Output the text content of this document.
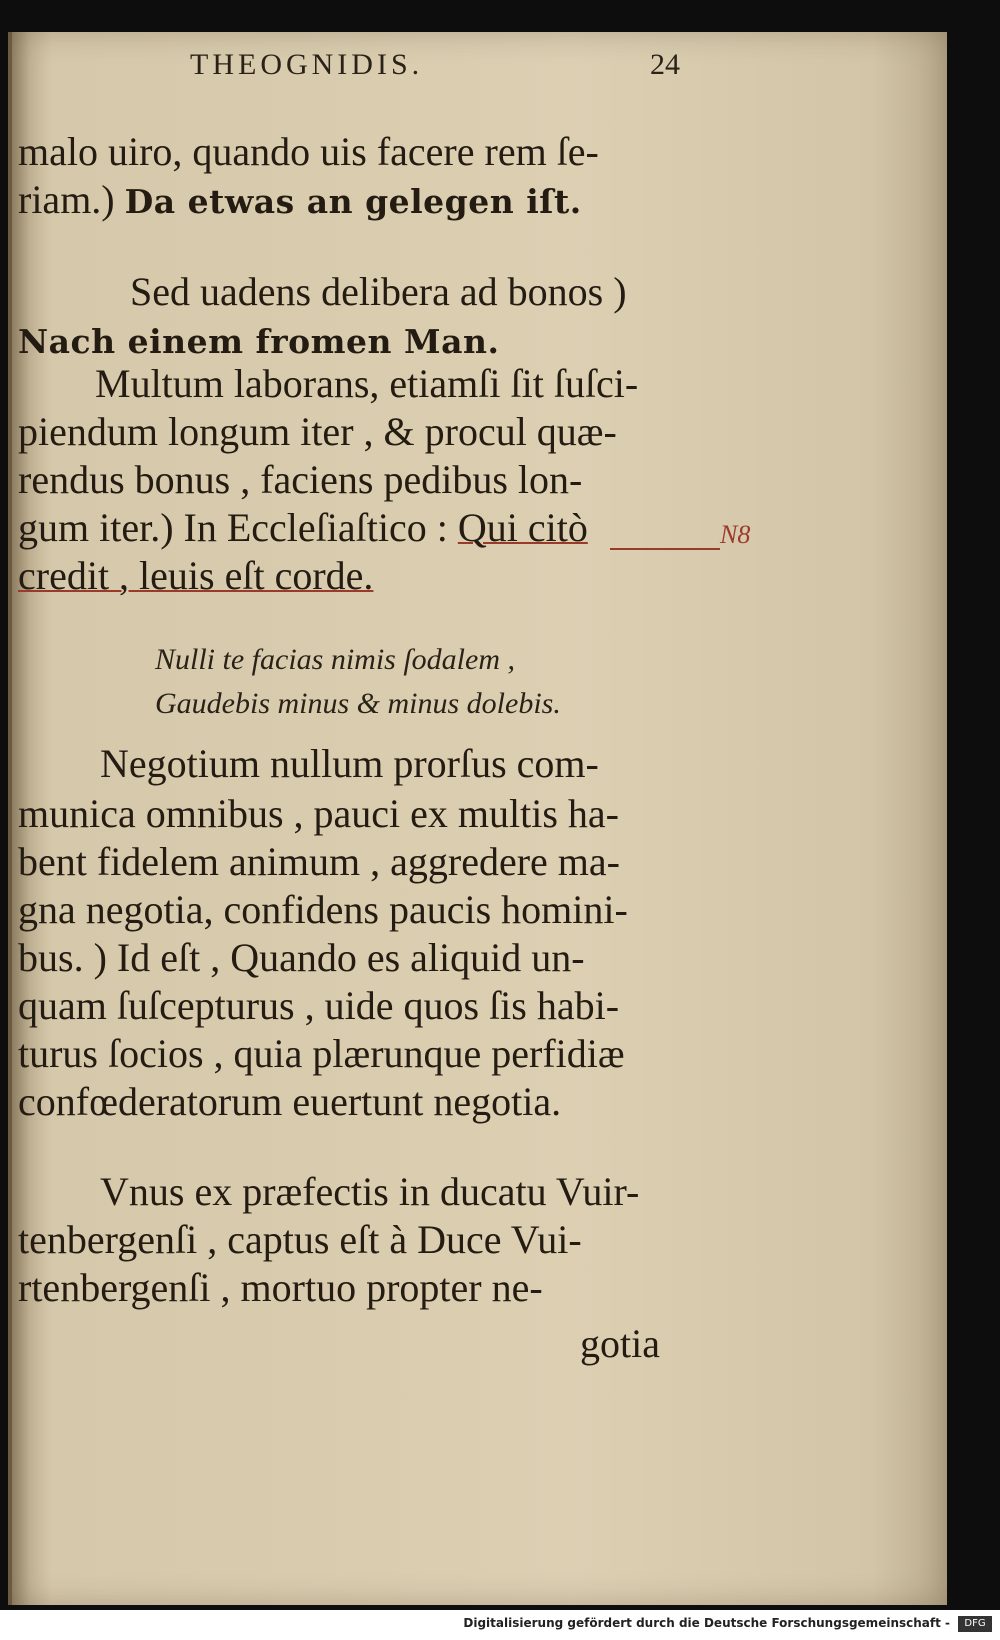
THEOGNIDIS.	24
malo uiro, quando uis facere rem ſe-
riam.) Da etwas an gelegen iſt.
Sed uadens delibera ad bonos )
Nach einem fromen Man.
Multum laborans, etiamſi ſit ſuſci-
piendum longum iter , & procul quæ-
rendus bonus , faciens pedibus lon-
gum iter.) In Eccleſiaſtico : Qui citò	N8
credit , leuis eſt corde.
Nulli te facias nimis ſodalem ,
Gaudebis minus & minus dolebis.
Negotium nullum prorſus com-
munica omnibus , pauci ex multis ha-
bent fidelem animum , aggredere ma-
gna negotia, confidens paucis homini-
bus. ) Id eſt , Quando es aliquid un-
quam ſuſcepturus , uide quos ſis habi-
turus ſocios , quia plærunque perfidiæ
confœderatorum euertunt negotia.
Vnus ex præfectis in ducatu Vuir-
tenbergenſi , captus eſt à Duce Vui-
rtenbergenſi , mortuo propter ne-
gotia
Digitalisierung gefördert durch die Deutsche Forschungsgemeinschaft -	DFG
